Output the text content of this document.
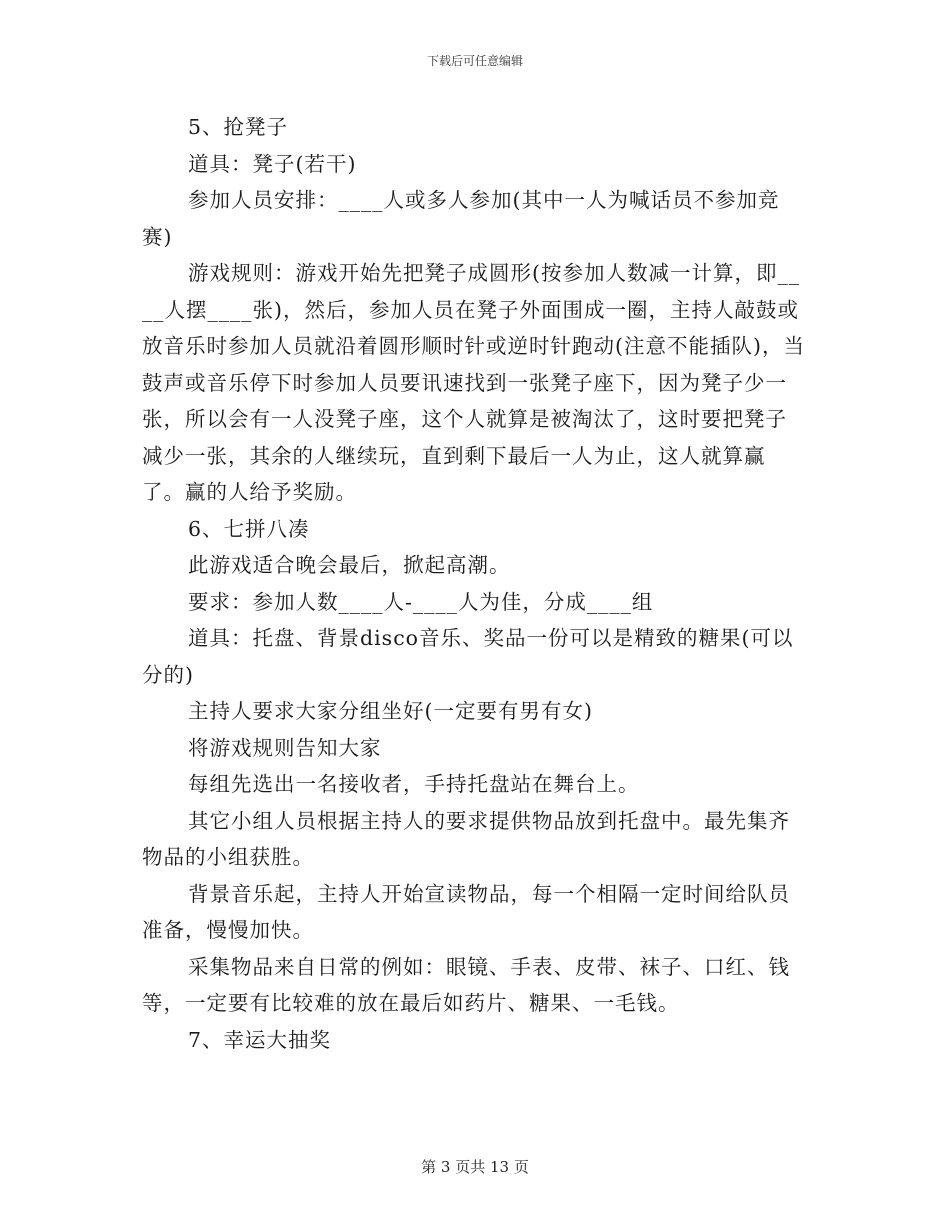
下载后可任意编辑

5、抢凳子

道具：凳子(若干)

参加人员安排：____人或多人参加(其中一人为喊话员不参加竞赛)

游戏规则：游戏开始先把凳子成圆形(按参加人数减一计算，即____人摆____张)，然后，参加人员在凳子外面围成一圈，主持人敲鼓或放音乐时参加人员就沿着圆形顺时针或逆时针跑动(注意不能插队)，当鼓声或音乐停下时参加人员要讯速找到一张凳子座下，因为凳子少一张，所以会有一人没凳子座，这个人就算是被淘汰了，这时要把凳子减少一张，其余的人继续玩，直到剩下最后一人为止，这人就算赢了。赢的人给予奖励。

6、七拼八凑

此游戏适合晚会最后，掀起高潮。

要求：参加人数____人-____人为佳，分成____组

道具：托盘、背景disco音乐、奖品一份可以是精致的糖果(可以分的)

主持人要求大家分组坐好(一定要有男有女)

将游戏规则告知大家

每组先选出一名接收者，手持托盘站在舞台上。

其它小组人员根据主持人的要求提供物品放到托盘中。最先集齐物品的小组获胜。

背景音乐起，主持人开始宣读物品，每一个相隔一定时间给队员准备，慢慢加快。

采集物品来自日常的例如：眼镜、手表、皮带、袜子、口红、钱等，一定要有比较难的放在最后如药片、糖果、一毛钱。

7、幸运大抽奖

第 3 页共 13 页
